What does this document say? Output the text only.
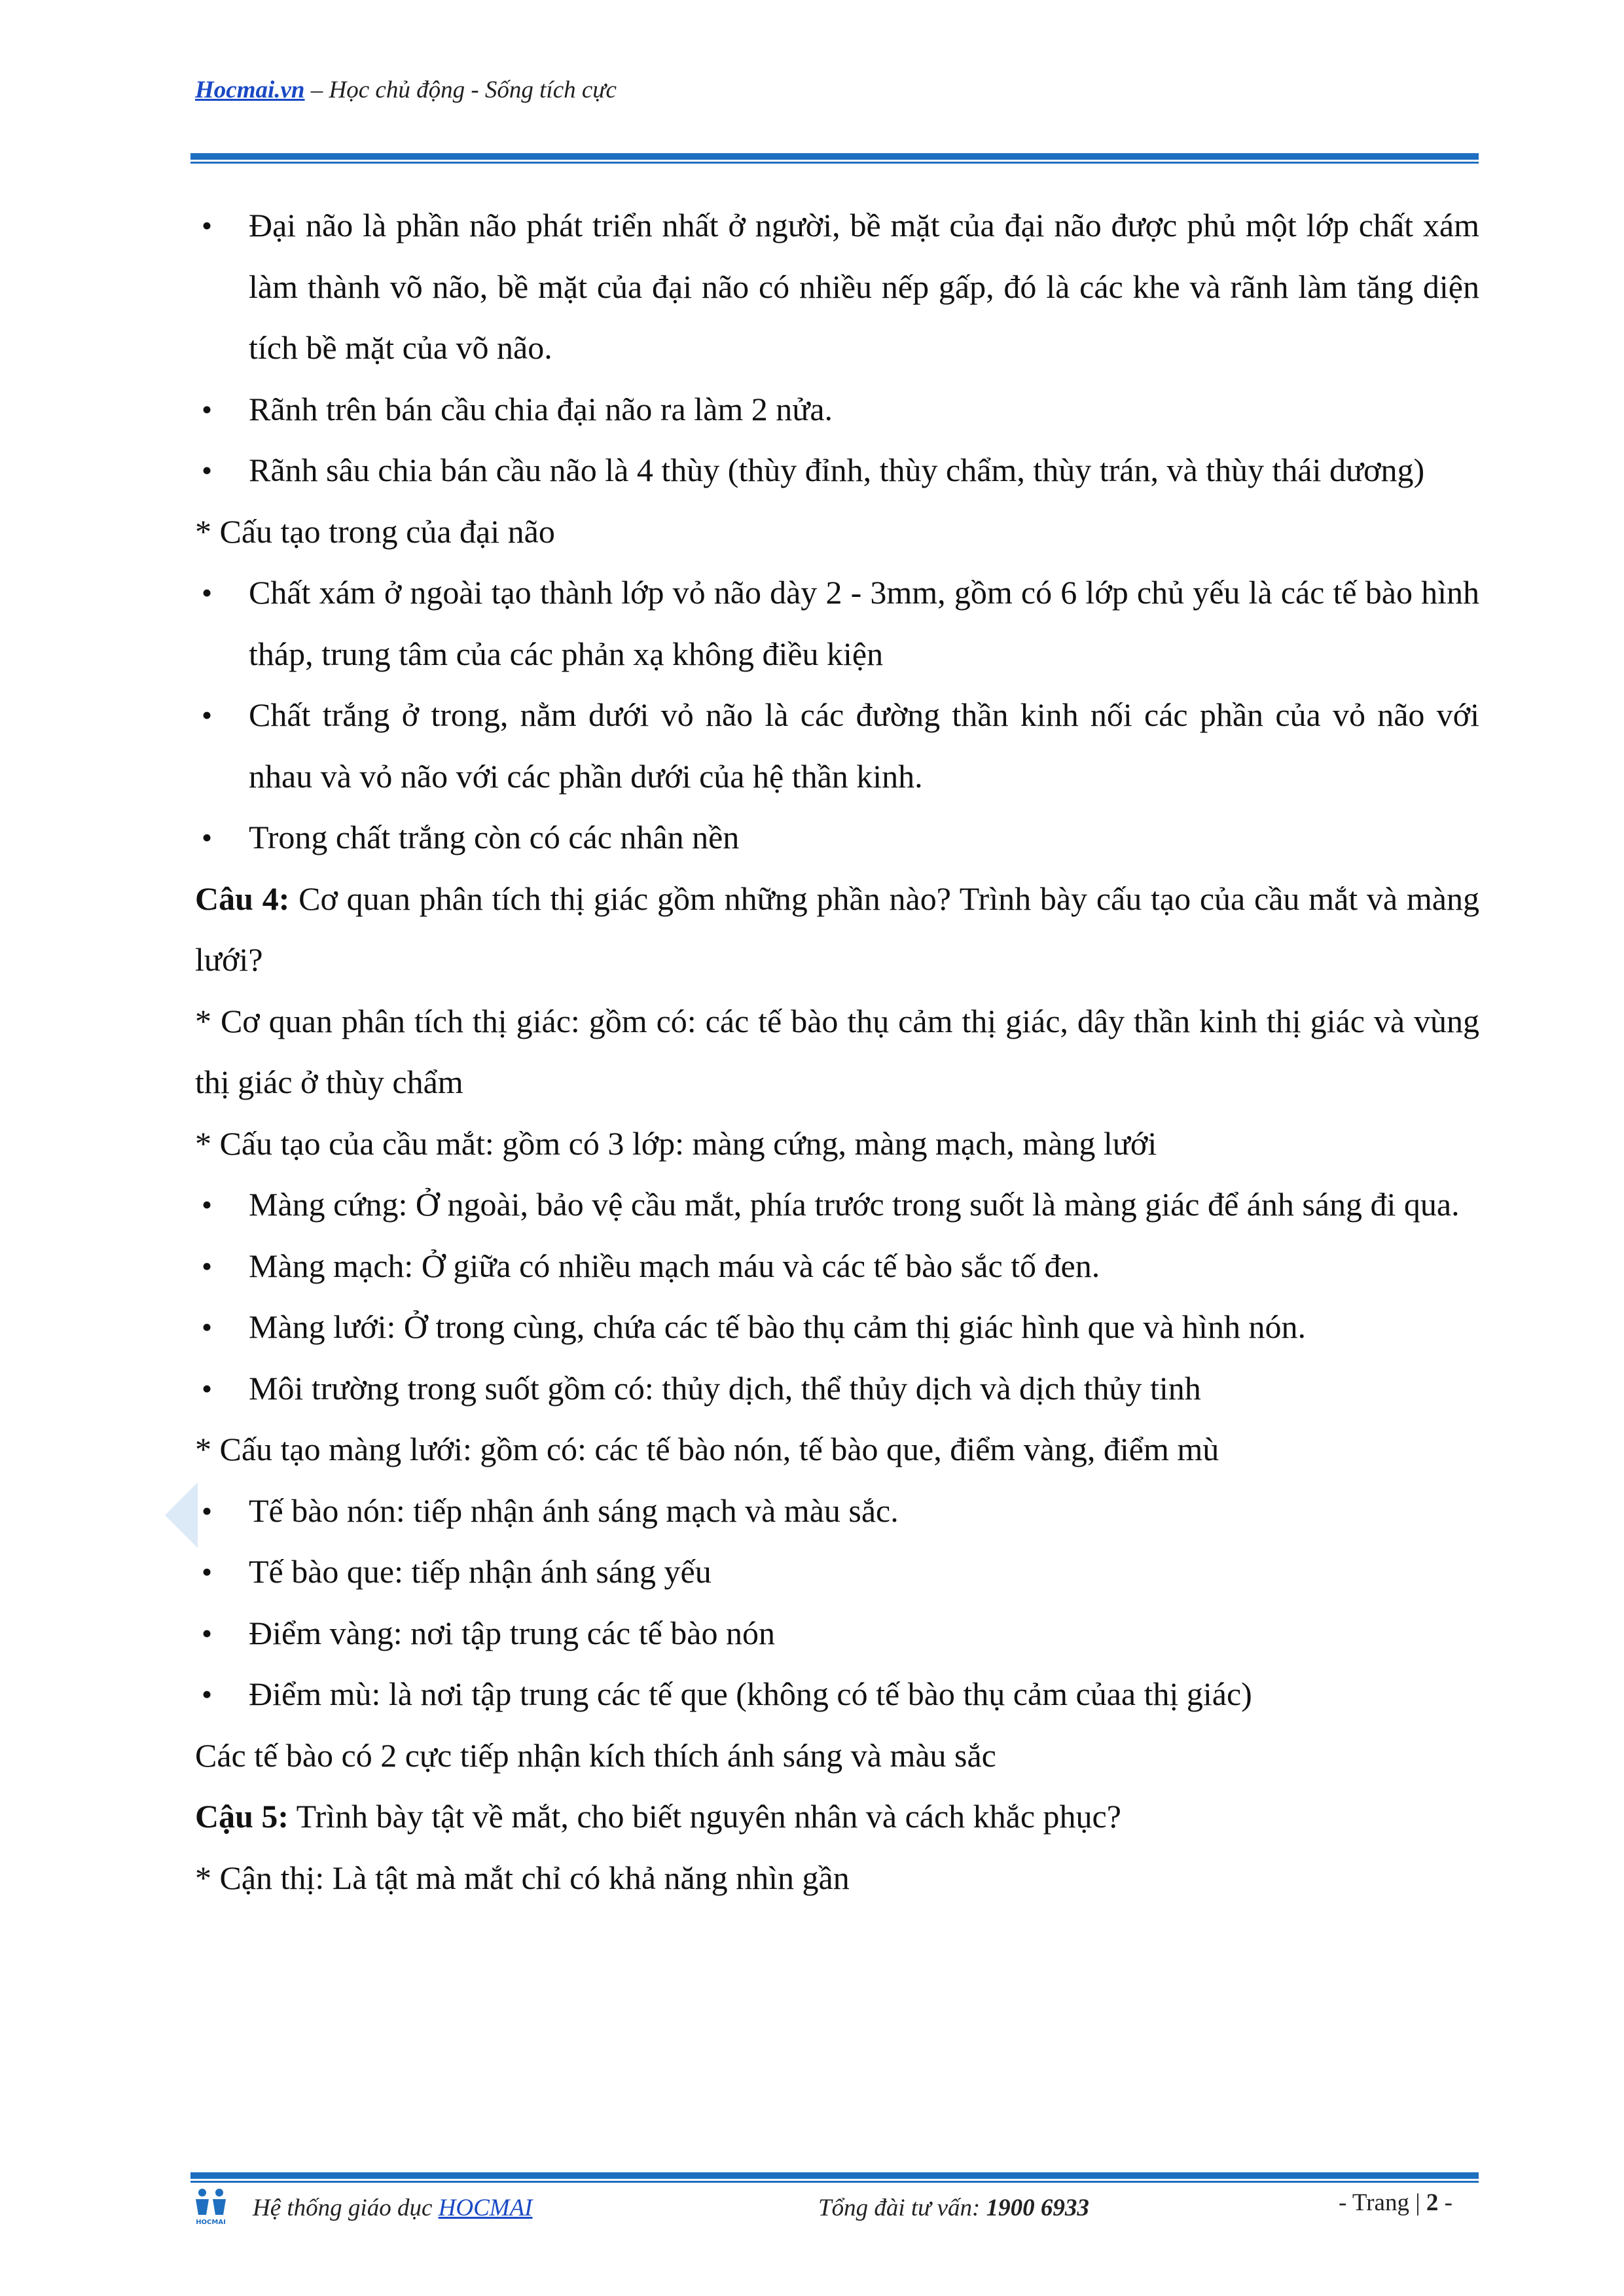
Hocmai.vn – Học chủ động - Sống tích cực

• Đại não là phần não phát triển nhất ở người, bề mặt của đại não được phủ một lớp chất xám làm thành võ não, bề mặt của đại não có nhiều nếp gấp, đó là các khe và rãnh làm tăng diện tích bề mặt của võ não.

• Rãnh trên bán cầu chia đại não ra làm 2 nửa.

• Rãnh sâu chia bán cầu não là 4 thùy (thùy đỉnh, thùy chẩm, thùy trán, và thùy thái dương)

* Cấu tạo trong của đại não

• Chất xám ở ngoài tạo thành lớp vỏ não dày 2 - 3mm, gồm có 6 lớp chủ yếu là các tế bào hình tháp, trung tâm của các phản xạ không điều kiện

• Chất trắng ở trong, nằm dưới vỏ não là các đường thần kinh nối các phần của vỏ não với nhau và vỏ não với các phần dưới của hệ thần kinh.

• Trong chất trắng còn có các nhân nền

Câu 4: Cơ quan phân tích thị giác gồm những phần nào? Trình bày cấu tạo của cầu mắt và màng lưới?

* Cơ quan phân tích thị giác: gồm có: các tế bào thụ cảm thị giác, dây thần kinh thị giác và vùng thị giác ở thùy chẩm

* Cấu tạo của cầu mắt: gồm có 3 lớp: màng cứng, màng mạch, màng lưới

• Màng cứng: Ở ngoài, bảo vệ cầu mắt, phía trước trong suốt là màng giác để ánh sáng đi qua.

• Màng mạch: Ở giữa có nhiều mạch máu và các tế bào sắc tố đen.

• Màng lưới: Ở trong cùng, chứa các tế bào thụ cảm thị giác hình que và hình nón.

• Môi trường trong suốt gồm có: thủy dịch, thể thủy dịch và dịch thủy tinh

* Cấu tạo màng lưới: gồm có: các tế bào nón, tế bào que, điểm vàng, điểm mù

• Tế bào nón: tiếp nhận ánh sáng mạch và màu sắc.

• Tế bào que: tiếp nhận ánh sáng yếu

• Điểm vàng: nơi tập trung các tế bào nón

• Điểm mù: là nơi tập trung các tế que (không có tế bào thụ cảm củaa thị giác)

Các tế bào có 2 cực tiếp nhận kích thích ánh sáng và màu sắc

Cậu 5: Trình bày tật về mắt, cho biết nguyên nhân và cách khắc phục?

* Cận thị: Là tật mà mắt chỉ có khả năng nhìn gần

HOCMAI
Hệ thống giáo dục HOCMAI	Tổng đài tư vấn: 1900 6933	- Trang | 2 -
